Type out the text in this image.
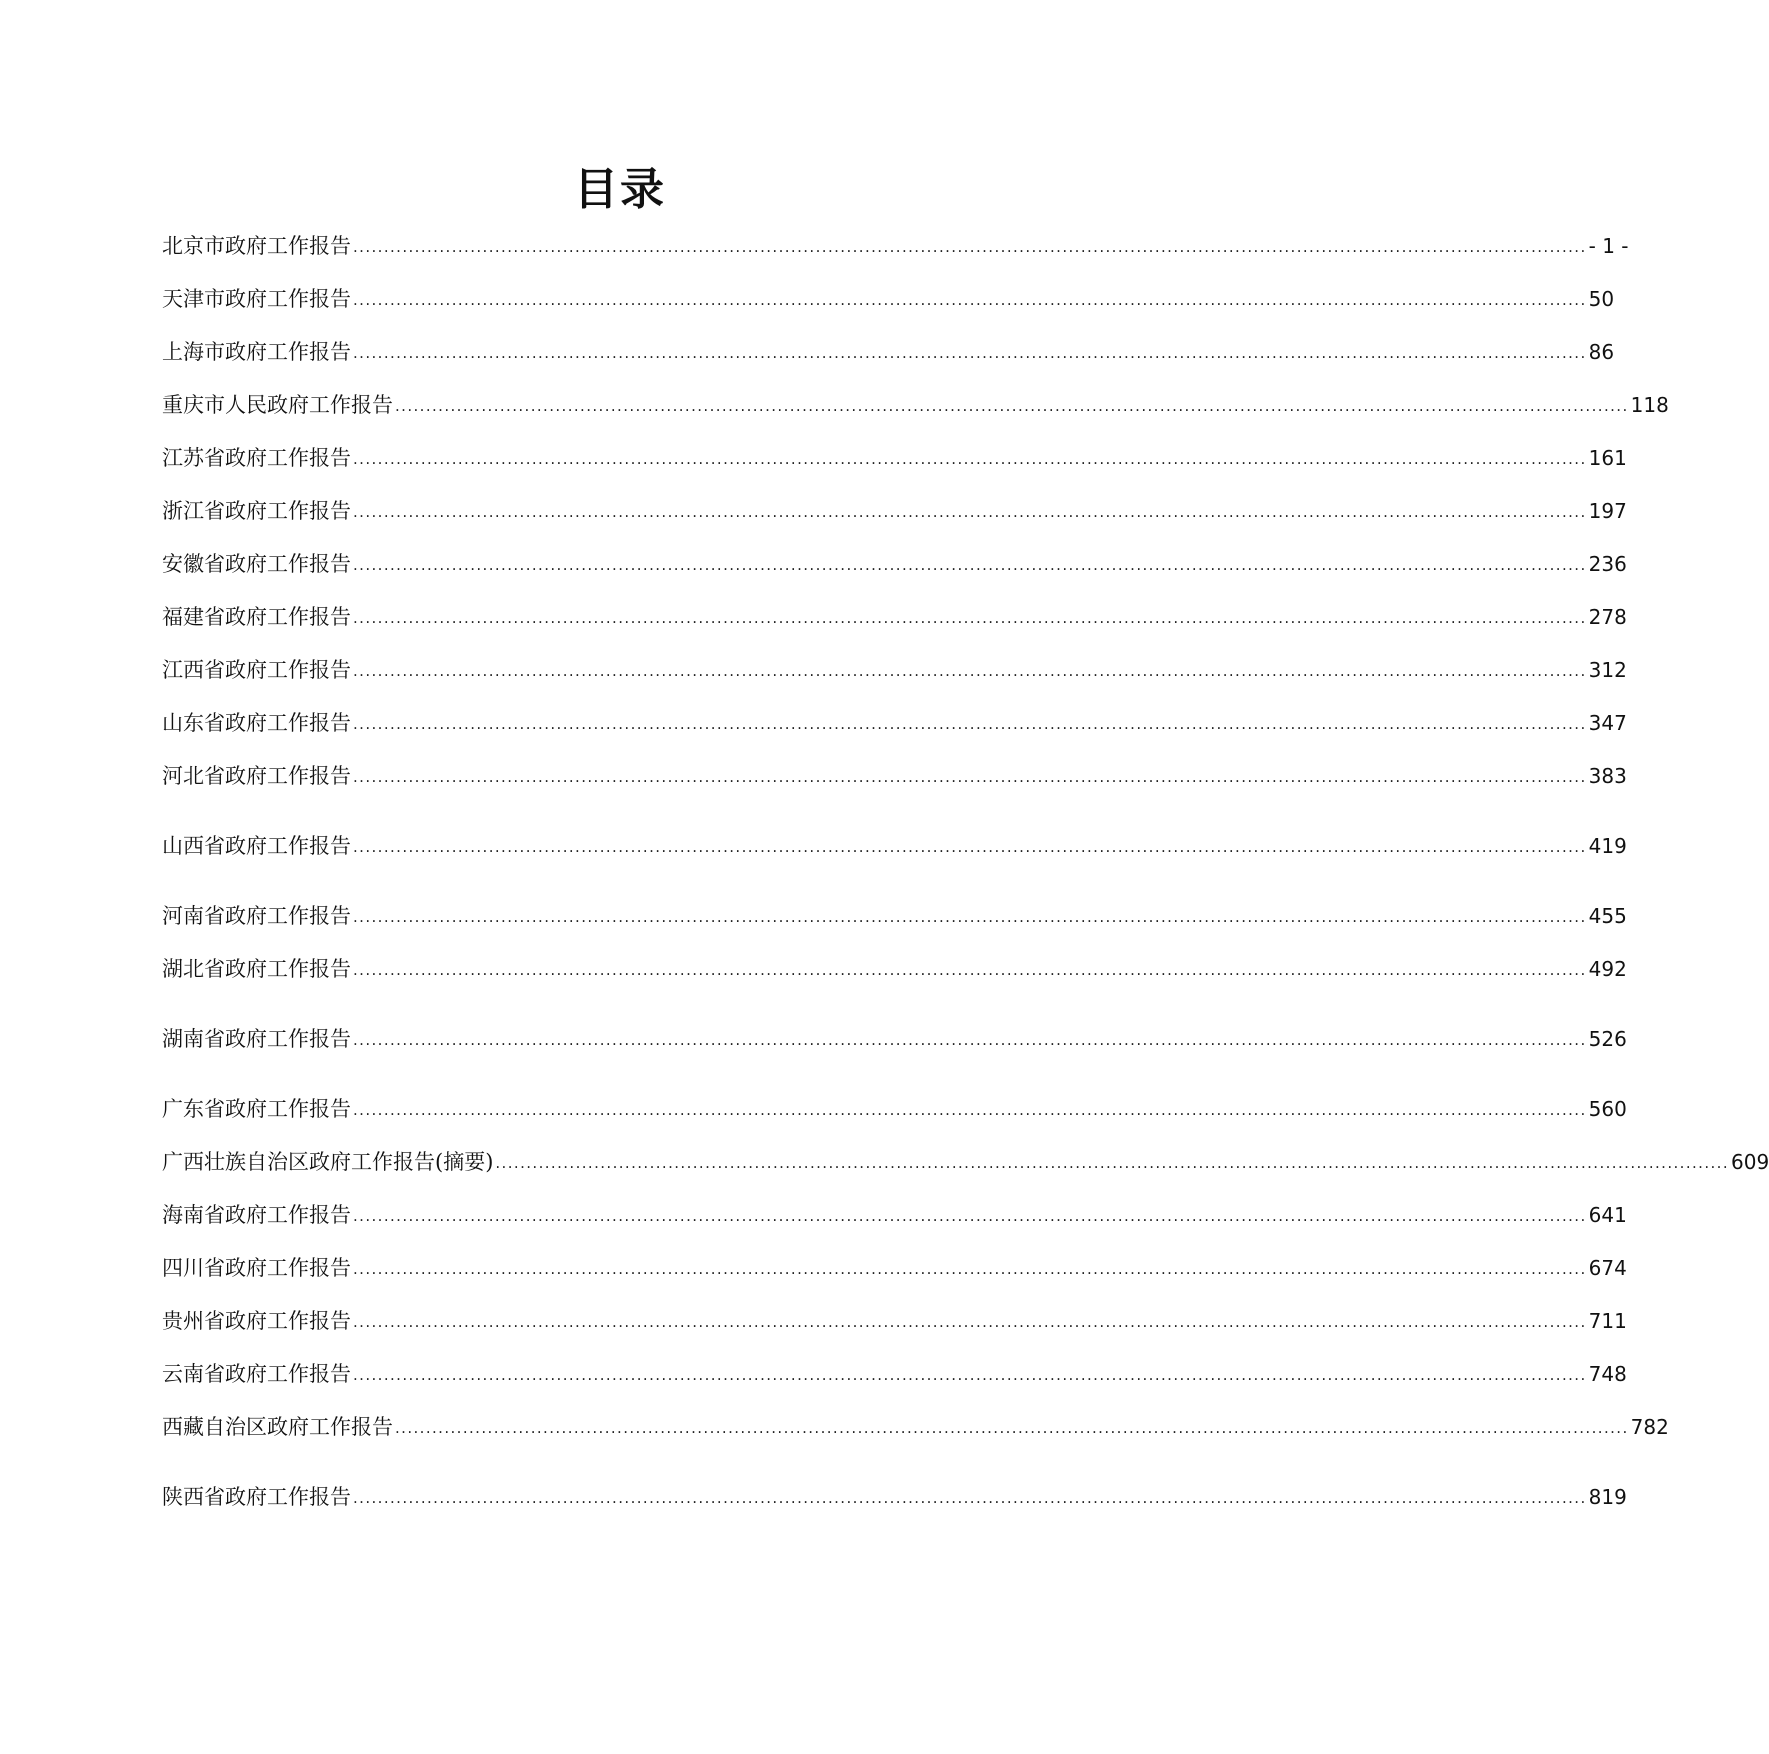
目录
北京市政府工作报告 ........................................................................................................................................................................................................ - 1 -
天津市政府工作报告 ........................................................................................................................................................................................................ 50
上海市政府工作报告 ........................................................................................................................................................................................................ 86
重庆市人民政府工作报告 ........................................................................................................................................................................................................ 118
江苏省政府工作报告 ........................................................................................................................................................................................................ 161
浙江省政府工作报告 ........................................................................................................................................................................................................ 197
安徽省政府工作报告 ........................................................................................................................................................................................................ 236
福建省政府工作报告 ........................................................................................................................................................................................................ 278
江西省政府工作报告 ........................................................................................................................................................................................................ 312
山东省政府工作报告 ........................................................................................................................................................................................................ 347
河北省政府工作报告 ........................................................................................................................................................................................................ 383
山西省政府工作报告 ........................................................................................................................................................................................................ 419
河南省政府工作报告 ........................................................................................................................................................................................................ 455
湖北省政府工作报告 ........................................................................................................................................................................................................ 492
湖南省政府工作报告 ........................................................................................................................................................................................................ 526
广东省政府工作报告 ........................................................................................................................................................................................................ 560
广西壮族自治区政府工作报告(摘要) ........................................................................................................................................................................................................ 609
海南省政府工作报告 ........................................................................................................................................................................................................ 641
四川省政府工作报告 ........................................................................................................................................................................................................ 674
贵州省政府工作报告 ........................................................................................................................................................................................................ 711
云南省政府工作报告 ........................................................................................................................................................................................................ 748
西藏自治区政府工作报告 ........................................................................................................................................................................................................ 782
陕西省政府工作报告 ........................................................................................................................................................................................................ 819
